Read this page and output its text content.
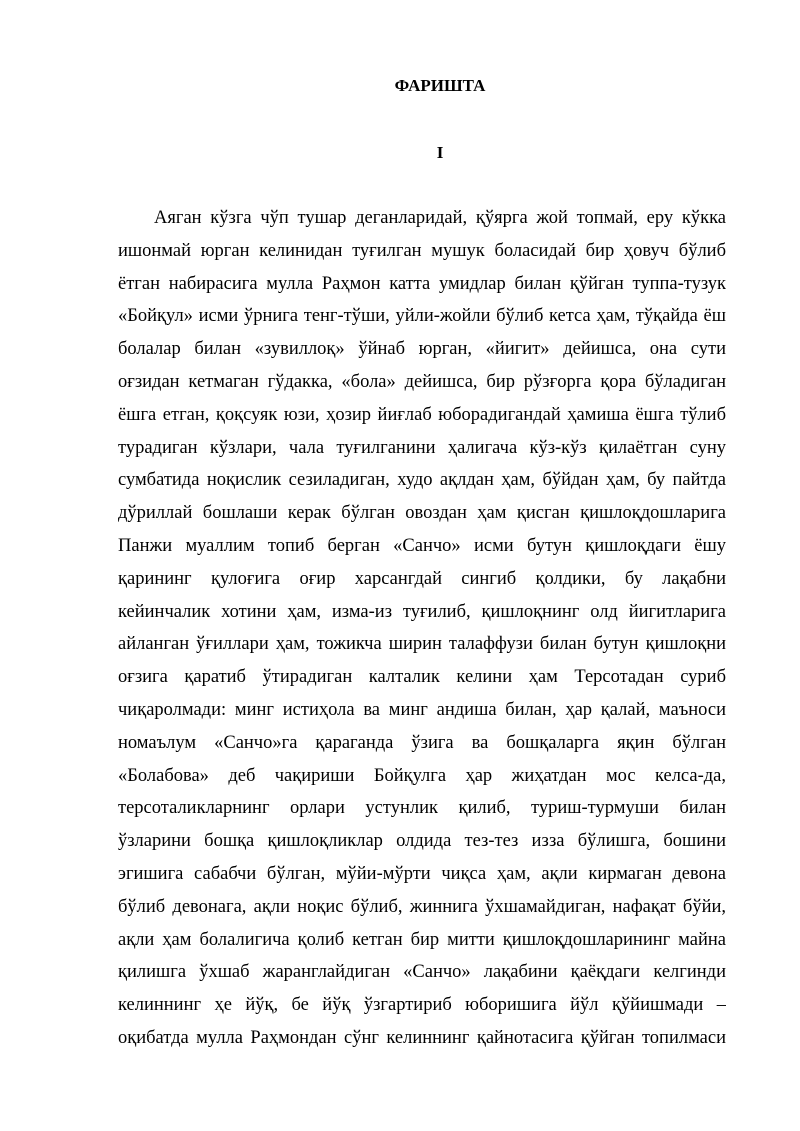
ФАРИШТА
I
Аяган кўзга чўп тушар деганларидай, қўярга жой топмай, еру кўкка
ишонмай юрган келинидан туғилган мушук боласидай бир ҳовуч бўлиб
ётган набирасига мулла Раҳмон катта умидлар билан қўйган туппа-тузук
«Бойқул» исми ўрнига тенг-тўши, уйли-жойли бўлиб кетса ҳам, тўқайда ёш
болалар билан «зувиллоқ» ўйнаб юрган, «йигит» дейишса, она сути
оғзидан кетмаган гўдакка, «бола» дейишса, бир рўзғорга қора бўладиган
ёшга етган, қоқсуяк юзи, ҳозир йиғлаб юборадигандай ҳамиша ёшга тўлиб
турадиган кўзлари, чала туғилганини ҳалигача кўз-кўз қилаётган суну
сумбатида ноқислик сезиладиган, худо ақлдан ҳам, бўйдан ҳам, бу пайтда
дўриллай бошлаши керак бўлган овоздан ҳам қисган қишлоқдошларига
Панжи муаллим топиб берган «Санчо» исми бутун қишлоқдаги ёшу
қарининг қулоғига оғир харсангдай сингиб қолдики, бу лақабни
кейинчалик хотини ҳам, изма-из туғилиб, қишлоқнинг олд йигитларига
айланган ўғиллари ҳам, тожикча ширин талаффузи билан бутун қишлоқни
оғзига қаратиб ўтирадиган калталик келини ҳам Терсотадан суриб
чиқаролмади: минг истиҳола ва минг андиша билан, ҳар қалай, маъноси
номаълум «Санчо»га қараганда ўзига ва бошқаларга яқин бўлган
«Болабова» деб чақириши Бойқулга ҳар жиҳатдан мос келса-да,
терсоталикларнинг орлари устунлик қилиб, туриш-турмуши билан
ўзларини бошқа қишлоқликлар олдида тез-тез изза бўлишга, бошини
эгишига сабабчи бўлган, мўйи-мўрти чиқса ҳам, ақли кирмаган девона
бўлиб девонага, ақли ноқис бўлиб, жиннига ўхшамайдиган, нафақат бўйи,
ақли ҳам болалигича қолиб кетган бир митти қишлоқдошларининг майна
қилишга ўхшаб жаранглайдиган «Санчо» лақабини қаёқдаги келгинди
келиннинг ҳе йўқ, бе йўқ ўзгартириб юборишига йўл қўйишмади –
оқибатда мулла Раҳмондан сўнг келиннинг қайнотасига қўйган топилмаси
